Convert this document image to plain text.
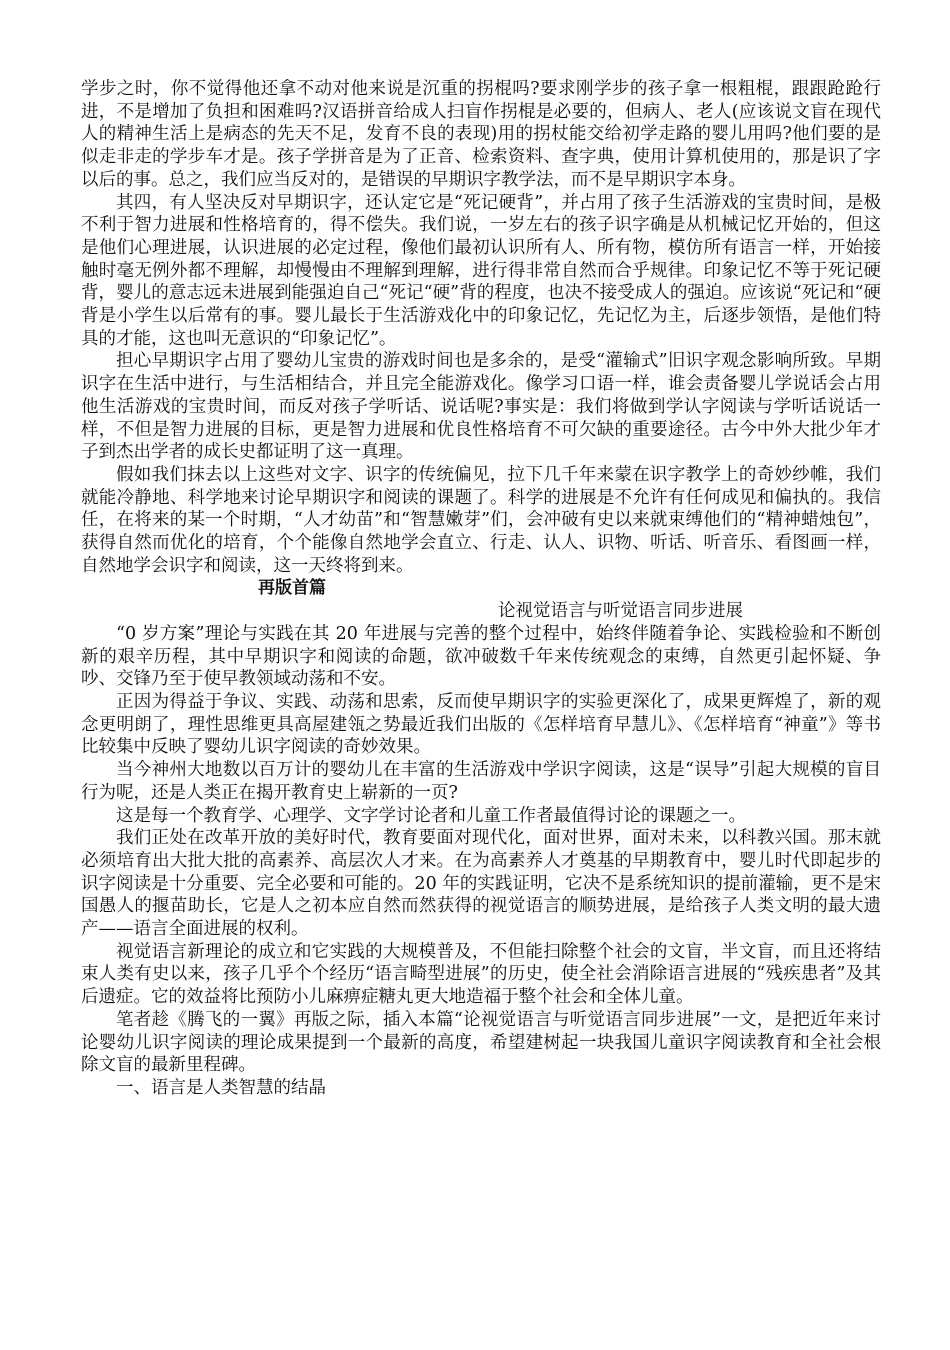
学步之时，你不觉得他还拿不动对他来说是沉重的拐棍吗?要求刚学步的孩子拿一根粗棍，跟跟跄跄行进，不是增加了负担和困难吗?汉语拼音给成人扫盲作拐棍是必要的，但病人、老人(应该说文盲在现代人的精神生活上是病态的先天不足，发育不良的表现)用的拐杖能交给初学走路的婴儿用吗?他们要的是似走非走的学步车才是。孩子学拼音是为了正音、检索资料、查字典，使用计算机使用的，那是识了字以后的事。总之，我们应当反对的，是错误的早期识字教学法，而不是早期识字本身。

其四，有人坚决反对早期识字，还认定它是“死记硬背”，并占用了孩子生活游戏的宝贵时间，是极不利于智力进展和性格培育的，得不偿失。我们说，一岁左右的孩子识字确是从机械记忆开始的，但这是他们心理进展，认识进展的必定过程，像他们最初认识所有人、所有物，模仿所有语言一样，开始接触时毫无例外都不理解，却慢慢由不理解到理解，进行得非常自然而合乎规律。印象记忆不等于死记硬背，婴儿的意志远未进展到能强迫自己“死记“硬”背的程度，也决不接受成人的强迫。应该说“死记和“硬背是小学生以后常有的事。婴儿最长于生活游戏化中的印象记忆，先记忆为主，后逐步领悟，是他们特具的才能，这也叫无意识的“印象记忆”。

担心早期识字占用了婴幼儿宝贵的游戏时间也是多余的，是受“灌输式”旧识字观念影响所致。早期识字在生活中进行，与生活相结合，并且完全能游戏化。像学习口语一样，谁会责备婴儿学说话会占用他生活游戏的宝贵时间，而反对孩子学听话、说话呢?事实是：我们将做到学认字阅读与学听话说话一样，不但是智力进展的目标，更是智力进展和优良性格培育不可欠缺的重要途径。古今中外大批少年才子到杰出学者的成长史都证明了这一真理。

假如我们抹去以上这些对文字、识字的传统偏见，拉下几千年来蒙在识字教学上的奇妙纱帷，我们就能冷静地、科学地来讨论早期识字和阅读的课题了。科学的进展是不允许有任何成见和偏执的。我信任，在将来的某一个时期，“人才幼苗”和“智慧嫩芽”们，会冲破有史以来就束缚他们的“精神蜡烛包”，获得自然而优化的培育，个个能像自然地学会直立、行走、认人、识物、听话、听音乐、看图画一样，自然地学会识字和阅读，这一天终将到来。

再版首篇

论视觉语言与听觉语言同步进展

“0 岁方案”理论与实践在其 20 年进展与完善的整个过程中，始终伴随着争论、实践检验和不断创新的艰辛历程，其中早期识字和阅读的命题，欲冲破数千年来传统观念的束缚，自然更引起怀疑、争吵、交锋乃至于使早教领域动荡和不安。

正因为得益于争议、实践、动荡和思索，反而使早期识字的实验更深化了，成果更辉煌了，新的观念更明朗了，理性思维更具高屋建瓴之势最近我们出版的《怎样培育早慧儿》、《怎样培育“神童”》等书比较集中反映了婴幼儿识字阅读的奇妙效果。

当今神州大地数以百万计的婴幼儿在丰富的生活游戏中学识字阅读，这是“误导”引起大规模的盲目行为呢，还是人类正在揭开教育史上崭新的一页?

这是每一个教育学、心理学、文字学讨论者和儿童工作者最值得讨论的课题之一。

我们正处在改革开放的美好时代，教育要面对现代化，面对世界，面对未来，以科教兴国。那末就必须培育出大批大批的高素养、高层次人才来。在为高素养人才奠基的早期教育中，婴儿时代即起步的识字阅读是十分重要、完全必要和可能的。20 年的实践证明，它决不是系统知识的提前灌输，更不是宋国愚人的揠苗助长，它是人之初本应自然而然获得的视觉语言的顺势进展，是给孩子人类文明的最大遗产——语言全面进展的权利。

视觉语言新理论的成立和它实践的大规模普及，不但能扫除整个社会的文盲，半文盲，而且还将结束人类有史以来，孩子几乎个个经历“语言畸型进展”的历史，使全社会消除语言进展的“残疾患者”及其后遗症。它的效益将比预防小儿麻痹症糖丸更大地造福于整个社会和全体儿童。

笔者趁《腾飞的一翼》再版之际，插入本篇“论视觉语言与听觉语言同步进展”一文，是把近年来讨论婴幼儿识字阅读的理论成果提到一个最新的高度，希望建树起一块我国儿童识字阅读教育和全社会根除文盲的最新里程碑。

一、语言是人类智慧的结晶
